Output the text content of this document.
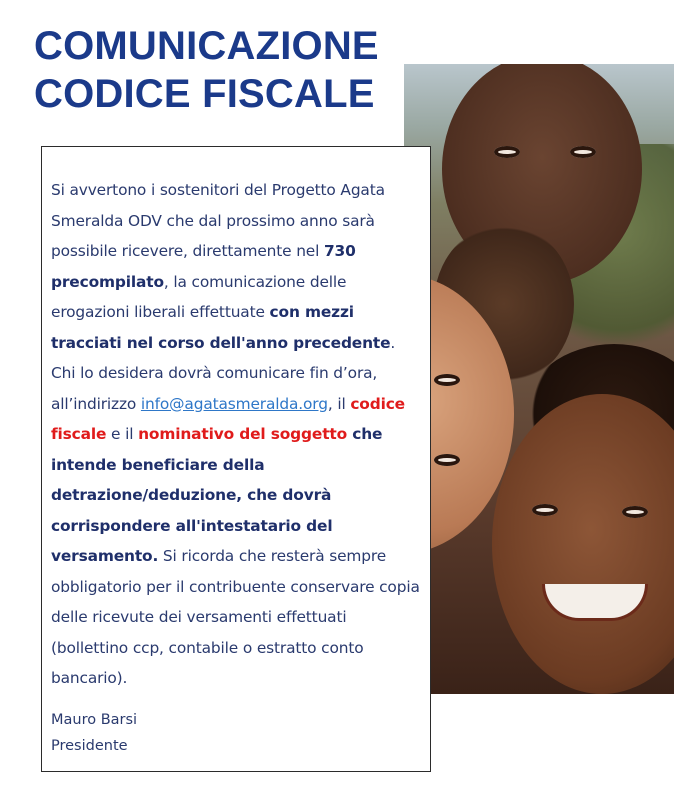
COMUNICAZIONE
CODICE FISCALE

Si avvertono i sostenitori del Progetto Agata Smeralda ODV che dal prossimo anno sarà possibile ricevere, direttamente nel 730 precompilato, la comunicazione delle erogazioni liberali effettuate con mezzi tracciati nel corso dell'anno precedente. Chi lo desidera dovrà comunicare fin d’ora, all’indirizzo info@agatasmeralda.org, il codice fiscale e il nominativo del soggetto che intende beneficiare della detrazione/deduzione, che dovrà corrispondere all'intestatario del versamento. Si ricorda che resterà sempre obbligatorio per il contribuente conservare copia delle ricevute dei versamenti effettuati (bollettino ccp, contabile o estratto conto bancario).

Mauro Barsi
Presidente
